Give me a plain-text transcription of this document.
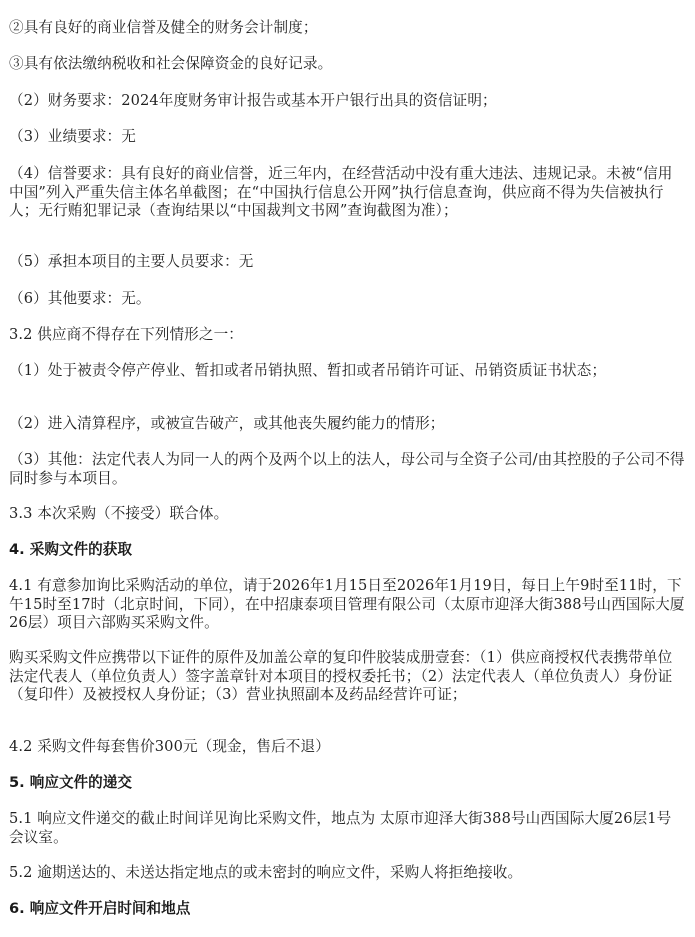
②具有良好的商业信誉及健全的财务会计制度；

③具有依法缴纳税收和社会保障资金的良好记录。

（2）财务要求：2024年度财务审计报告或基本开户银行出具的资信证明；

（3）业绩要求：无

（4）信誉要求：具有良好的商业信誉，近三年内，在经营活动中没有重大违法、违规记录。未被“信用中国”列入严重失信主体名单截图；在“中国执行信息公开网”执行信息查询，供应商不得为失信被执行人；无行贿犯罪记录（查询结果以“中国裁判文书网”查询截图为准）；

（5）承担本项目的主要人员要求：无

（6）其他要求：无。

3.2 供应商不得存在下列情形之一：

（1）处于被责令停产停业、暂扣或者吊销执照、暂扣或者吊销许可证、吊销资质证书状态；

（2）进入清算程序，或被宣告破产，或其他丧失履约能力的情形；

（3）其他：法定代表人为同一人的两个及两个以上的法人，母公司与全资子公司/由其控股的子公司不得同时参与本项目。

3.3 本次采购（不接受）联合体。

4. 采购文件的获取

4.1 有意参加询比采购活动的单位，请于2026年1月15日至2026年1月19日，每日上午9时至11时，下午15时至17时（北京时间，下同），在中招康泰项目管理有限公司（太原市迎泽大街388号山西国际大厦26层）项目六部购买采购文件。

购买采购文件应携带以下证件的原件及加盖公章的复印件胶装成册壹套：（1）供应商授权代表携带单位法定代表人（单位负责人）签字盖章针对本项目的授权委托书；（2）法定代表人（单位负责人）身份证（复印件）及被授权人身份证；（3）营业执照副本及药品经营许可证；

4.2 采购文件每套售价300元（现金，售后不退）

5. 响应文件的递交

5.1 响应文件递交的截止时间详见询比采购文件，地点为 太原市迎泽大街388号山西国际大厦26层1号会议室。

5.2 逾期送达的、未送达指定地点的或未密封的响应文件，采购人将拒绝接收。

6. 响应文件开启时间和地点
